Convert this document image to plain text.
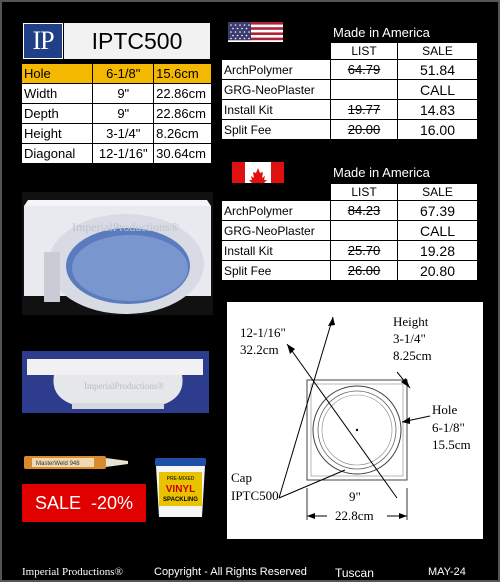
IP IPTC500
Hole	6-1/8"	15.6cm
Width	9"	22.86cm
Depth	9"	22.86cm
Height	3-1/4"	8.26cm
Diagonal	12-1/16"	30.64cm
Made in America
	LIST	SALE
ArchPolymer	64.79	51.84
GRG-NeoPlaster		CALL
Install Kit	19.77	14.83
Split Fee	20.00	16.00
Made in America
	LIST	SALE
ArchPolymer	84.23	67.39
GRG-NeoPlaster		CALL
Install Kit	25.70	19.28
Split Fee	26.00	20.80
ImperialProductions®
ImperialProductions®
12-1/16"
32.2cm
Height
3-1/4"
8.25cm
Hole
6-1/8"
15.5cm
Cap
IPTC500	9"
22.8cm
MasterWeld 948
PRE-MIXED
VINYL
SPACKLING
SALE  -20%
Imperial Productions®	Copyright - All Rights Reserved Tuscan	MAY-24
